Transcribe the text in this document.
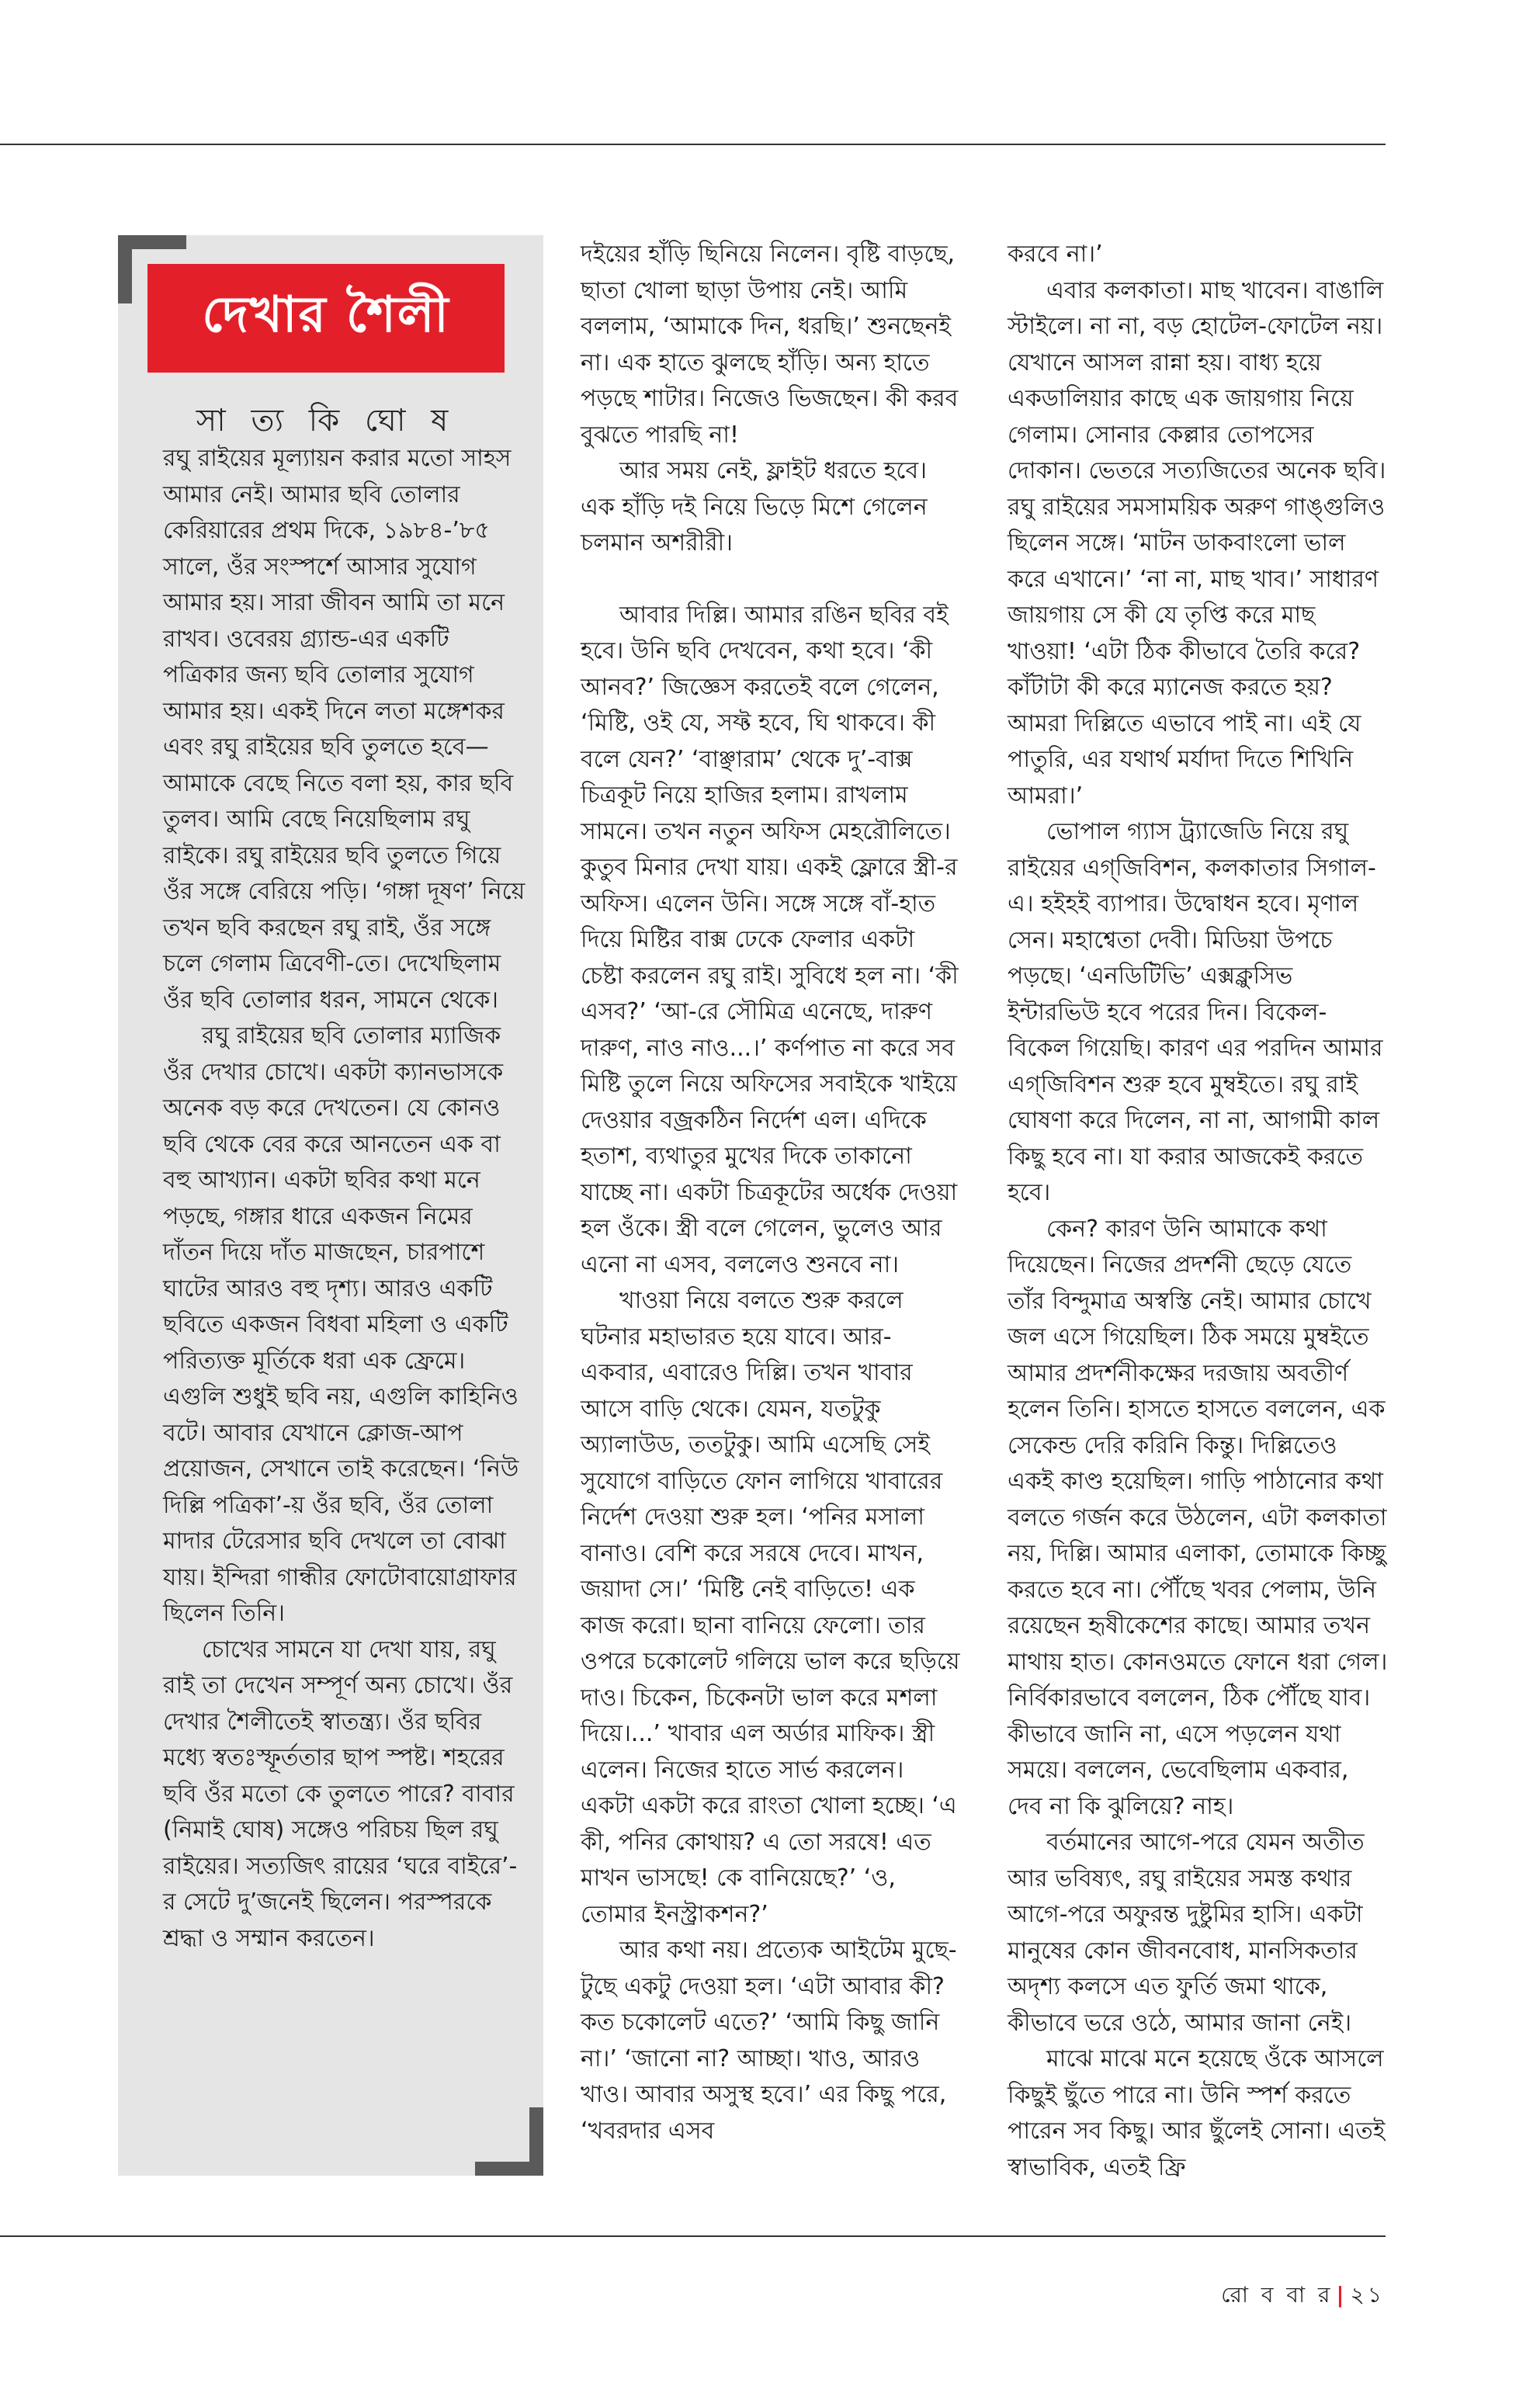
দেখার শৈলী
সা ত্য কি ঘো ষ

রঘু রাইয়ের মূল্যায়ন করার মতো সাহস আমার নেই। আমার ছবি তোলার কেরিয়ারের প্রথম দিকে, ১৯৮৪-’৮৫ সালে, ওঁর সংস্পর্শে আসার সুযোগ আমার হয়। সারা জীবন আমি তা মনে রাখব। ওবেরয় গ্র্যান্ড-এর একটি পত্রিকার জন্য ছবি তোলার সুযোগ আমার হয়। একই দিনে লতা মঙ্গেশকর এবং রঘু রাইয়ের ছবি তুলতে হবে— আমাকে বেছে নিতে বলা হয়, কার ছবি তুলব। আমি বেছে নিয়েছিলাম রঘু রাইকে। রঘু রাইয়ের ছবি তুলতে গিয়ে ওঁর সঙ্গে বেরিয়ে পড়ি। ‘গঙ্গা দূষণ’ নিয়ে তখন ছবি করছেন রঘু রাই, ওঁর সঙ্গে চলে গেলাম ত্রিবেণী-তে। দেখেছিলাম ওঁর ছবি তোলার ধরন, সামনে থেকে।

রঘু রাইয়ের ছবি তোলার ম্যাজিক ওঁর দেখার চোখে। একটা ক্যানভাসকে অনেক বড় করে দেখতেন। যে কোনও ছবি থেকে বের করে আনতেন এক বা বহু আখ্যান। একটা ছবির কথা মনে পড়ছে, গঙ্গার ধারে একজন নিমের দাঁতন দিয়ে দাঁত মাজছেন, চারপাশে ঘাটের আরও বহু দৃশ্য। আরও একটি ছবিতে একজন বিধবা মহিলা ও একটি পরিত্যক্ত মূর্তিকে ধরা এক ফ্রেমে। এগুলি শুধুই ছবি নয়, এগুলি কাহিনিও বটে। আবার যেখানে ক্লোজ-আপ প্রয়োজন, সেখানে তাই করেছেন। ‘নিউ দিল্লি পত্রিকা’-য় ওঁর ছবি, ওঁর তোলা মাদার টেরেসার ছবি দেখলে তা বোঝা যায়। ইন্দিরা গান্ধীর ফোটোবায়োগ্রাফার ছিলেন তিনি।

চোখের সামনে যা দেখা যায়, রঘু রাই তা দেখেন সম্পূর্ণ অন্য চোখে। ওঁর দেখার শৈলীতেই স্বাতন্ত্র্য। ওঁর ছবির মধ্যে স্বতঃস্ফূর্ততার ছাপ স্পষ্ট। শহরের ছবি ওঁর মতো কে তুলতে পারে? বাবার (নিমাই ঘোষ) সঙ্গেও পরিচয় ছিল রঘু রাইয়ের। সত্যজিৎ রায়ের ‘ঘরে বাইরে’-র সেটে দু’জনেই ছিলেন। পরস্পরকে শ্রদ্ধা ও সম্মান করতেন।

দইয়ের হাঁড়ি ছিনিয়ে নিলেন। বৃষ্টি বাড়ছে, ছাতা খোলা ছাড়া উপায় নেই। আমি বললাম, ‘আমাকে দিন, ধরছি।’ শুনছেনই না। এক হাতে ঝুলছে হাঁড়ি। অন্য হাতে পড়ছে শাটার। নিজেও ভিজছেন। কী করব বুঝতে পারছি না!

আর সময় নেই, ফ্লাইট ধরতে হবে। এক হাঁড়ি দই নিয়ে ভিড়ে মিশে গেলেন চলমান অশরীরী।

আবার দিল্লি। আমার রঙিন ছবির বই হবে। উনি ছবি দেখবেন, কথা হবে। ‘কী আনব?’ জিজ্ঞেস করতেই বলে গেলেন, ‘মিষ্টি, ওই যে, সফ্ট হবে, ঘি থাকবে। কী বলে যেন?’ ‘বাঞ্ছারাম’ থেকে দু’-বাক্স চিত্রকূট নিয়ে হাজির হলাম। রাখলাম সামনে। তখন নতুন অফিস মেহরৌলিতে। কুতুব মিনার দেখা যায়। একই ফ্লোরে স্ত্রী-র অফিস। এলেন উনি। সঙ্গে সঙ্গে বাঁ-হাত দিয়ে মিষ্টির বাক্স ঢেকে ফেলার একটা চেষ্টা করলেন রঘু রাই। সুবিধে হল না। ‘কী এসব?’ ‘আ-রে সৌমিত্র এনেছে, দারুণ দারুণ, নাও নাও...।’ কর্ণপাত না করে সব মিষ্টি তুলে নিয়ে অফিসের সবাইকে খাইয়ে দেওয়ার বজ্রকঠিন নির্দেশ এল। এদিকে হতাশ, ব্যথাতুর মুখের দিকে তাকানো যাচ্ছে না। একটা চিত্রকূটের অর্ধেক দেওয়া হল ওঁকে। স্ত্রী বলে গেলেন, ভুলেও আর এনো না এসব, বললেও শুনবে না।

খাওয়া নিয়ে বলতে শুরু করলে ঘটনার মহাভারত হয়ে যাবে। আর-একবার, এবারেও দিল্লি। তখন খাবার আসে বাড়ি থেকে। যেমন, যতটুকু অ্যালাউড, ততটুকু। আমি এসেছি সেই সুযোগে বাড়িতে ফোন লাগিয়ে খাবারের নির্দেশ দেওয়া শুরু হল। ‘পনির মসালা বানাও। বেশি করে সরষে দেবে। মাখন, জয়াদা সে।’ ‘মিষ্টি নেই বাড়িতে! এক কাজ করো। ছানা বানিয়ে ফেলো। তার ওপরে চকোলেট গলিয়ে ভাল করে ছড়িয়ে দাও। চিকেন, চিকেনটা ভাল করে মশলা দিয়ে।...’ খাবার এল অর্ডার মাফিক। স্ত্রী এলেন। নিজের হাতে সার্ভ করলেন। একটা একটা করে রাংতা খোলা হচ্ছে। ‘এ কী, পনির কোথায়? এ তো সরষে! এত মাখন ভাসছে! কে বানিয়েছে?’ ‘ও, তোমার ইনস্ট্রাকশন?’

আর কথা নয়। প্রত্যেক আইটেম মুছে-টুছে একটু দেওয়া হল। ‘এটা আবার কী? কত চকোলেট এতে?’ ‘আমি কিছু জানি না।’ ‘জানো না? আচ্ছা। খাও, আরও খাও। আবার অসুস্থ হবে।’ এর কিছু পরে, ‘খবরদার এসব

করবে না।’

এবার কলকাতা। মাছ খাবেন। বাঙালি স্টাইলে। না না, বড় হোটেল-ফোটেল নয়। যেখানে আসল রান্না হয়। বাধ্য হয়ে একডালিয়ার কাছে এক জায়গায় নিয়ে গেলাম। সোনার কেল্লার তোপসের দোকান। ভেতরে সত্যজিতের অনেক ছবি। রঘু রাইয়ের সমসাময়িক অরুণ গাঙ্গুলিও ছিলেন সঙ্গে। ‘মাটন ডাকবাংলো ভাল করে এখানে।’ ‘না না, মাছ খাব।’ সাধারণ জায়গায় সে কী যে তৃপ্তি করে মাছ খাওয়া! ‘এটা ঠিক কীভাবে তৈরি করে? কাঁটাটা কী করে ম্যানেজ করতে হয়? আমরা দিল্লিতে এভাবে পাই না। এই যে পাতুরি, এর যথার্থ মর্যাদা দিতে শিখিনি আমরা।’

ভোপাল গ্যাস ট্র্যাজেডি নিয়ে রঘু রাইয়ের এগ্‌জিবিশন, কলকাতার সিগাল-এ। হইহই ব্যাপার। উদ্বোধন হবে। মৃণাল সেন। মহাশ্বেতা দেবী। মিডিয়া উপচে পড়ছে। ‘এনডিটিভি’ এক্সক্লুসিভ ইন্টারভিউ হবে পরের দিন। বিকেল-বিকেল গিয়েছি। কারণ এর পরদিন আমার এগ্‌জিবিশন শুরু হবে মুম্বইতে। রঘু রাই ঘোষণা করে দিলেন, না না, আগামী কাল কিছু হবে না। যা করার আজকেই করতে হবে।

কেন? কারণ উনি আমাকে কথা দিয়েছেন। নিজের প্রদর্শনী ছেড়ে যেতে তাঁর বিন্দুমাত্র অস্বস্তি নেই। আমার চোখে জল এসে গিয়েছিল। ঠিক সময়ে মুম্বইতে আমার প্রদর্শনীকক্ষের দরজায় অবতীর্ণ হলেন তিনি। হাসতে হাসতে বললেন, এক সেকেন্ড দেরি করিনি কিন্তু। দিল্লিতেও একই কাণ্ড হয়েছিল। গাড়ি পাঠানোর কথা বলতে গর্জন করে উঠলেন, এটা কলকাতা নয়, দিল্লি। আমার এলাকা, তোমাকে কিচ্ছু করতে হবে না। পৌঁছে খবর পেলাম, উনি রয়েছেন হৃষীকেশের কাছে। আমার তখন মাথায় হাত। কোনওমতে ফোনে ধরা গেল। নির্বিকারভাবে বললেন, ঠিক পৌঁছে যাব। কীভাবে জানি না, এসে পড়লেন যথা সময়ে। বললেন, ভেবেছিলাম একবার, দেব না কি ঝুলিয়ে? নাহ।

বর্তমানের আগে-পরে যেমন অতীত আর ভবিষ্যৎ, রঘু রাইয়ের সমস্ত কথার আগে-পরে অফুরন্ত দুষ্টুমির হাসি। একটা মানুষের কোন জীবনবোধ, মানসিকতার অদৃশ্য কলসে এত ফুর্তি জমা থাকে, কীভাবে ভরে ওঠে, আমার জানা নেই।

মাঝে মাঝে মনে হয়েছে ওঁকে আসলে কিছুই ছুঁতে পারে না। উনি স্পর্শ করতে পারেন সব কিছু। আর ছুঁলেই সোনা। এতই স্বাভাবিক, এতই ফ্রি

রো ব বা র | ২১
